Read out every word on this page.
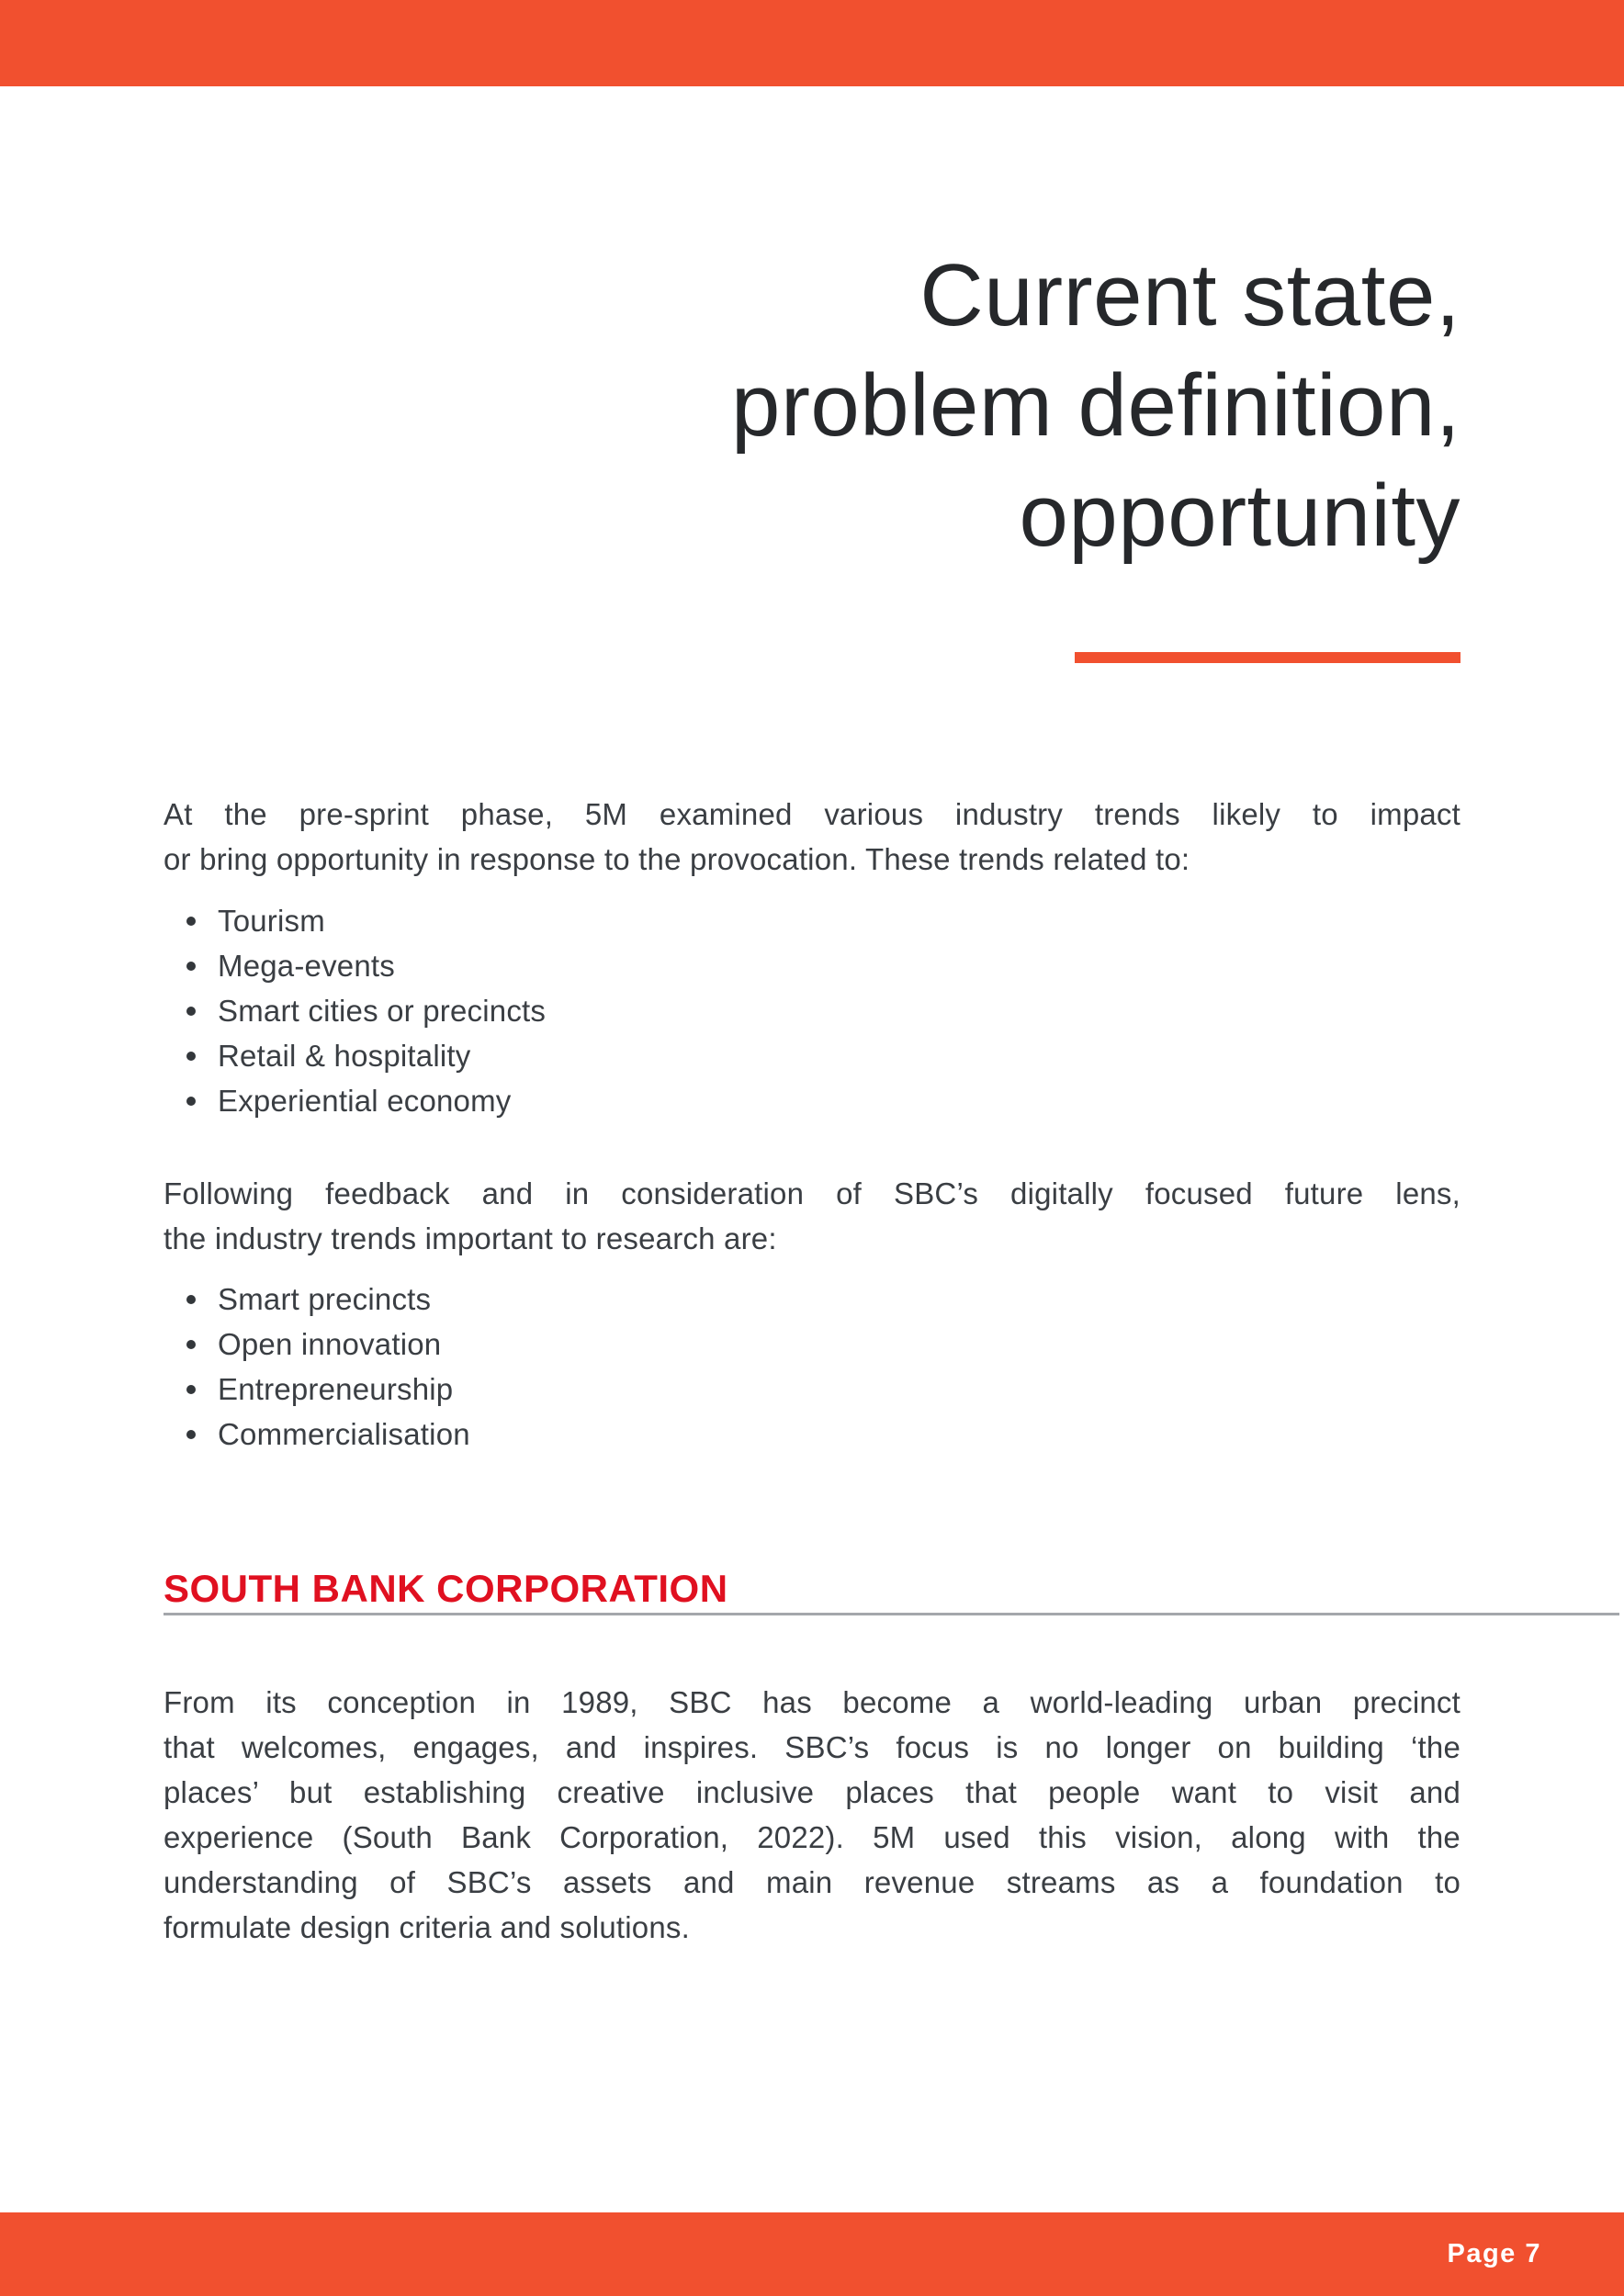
Current state,
problem definition,
opportunity
At the pre-sprint phase, 5M examined various industry trends likely to impact
or bring opportunity in response to the provocation. These trends related to:
Tourism
Mega-events
Smart cities or precincts
Retail & hospitality
Experiential economy
Following feedback and in consideration of SBC’s digitally focused future lens,
the industry trends important to research are:
Smart precincts
Open innovation
Entrepreneurship
Commercialisation
SOUTH BANK CORPORATION
From its conception in 1989, SBC has become a world-leading urban precinct
that welcomes, engages, and inspires. SBC’s focus is no longer on building ‘the
places’ but establishing creative inclusive places that people want to visit and
experience (South Bank Corporation, 2022). 5M used this vision, along with the
understanding of SBC’s assets and main revenue streams as a foundation to
formulate design criteria and solutions.
Page 7
